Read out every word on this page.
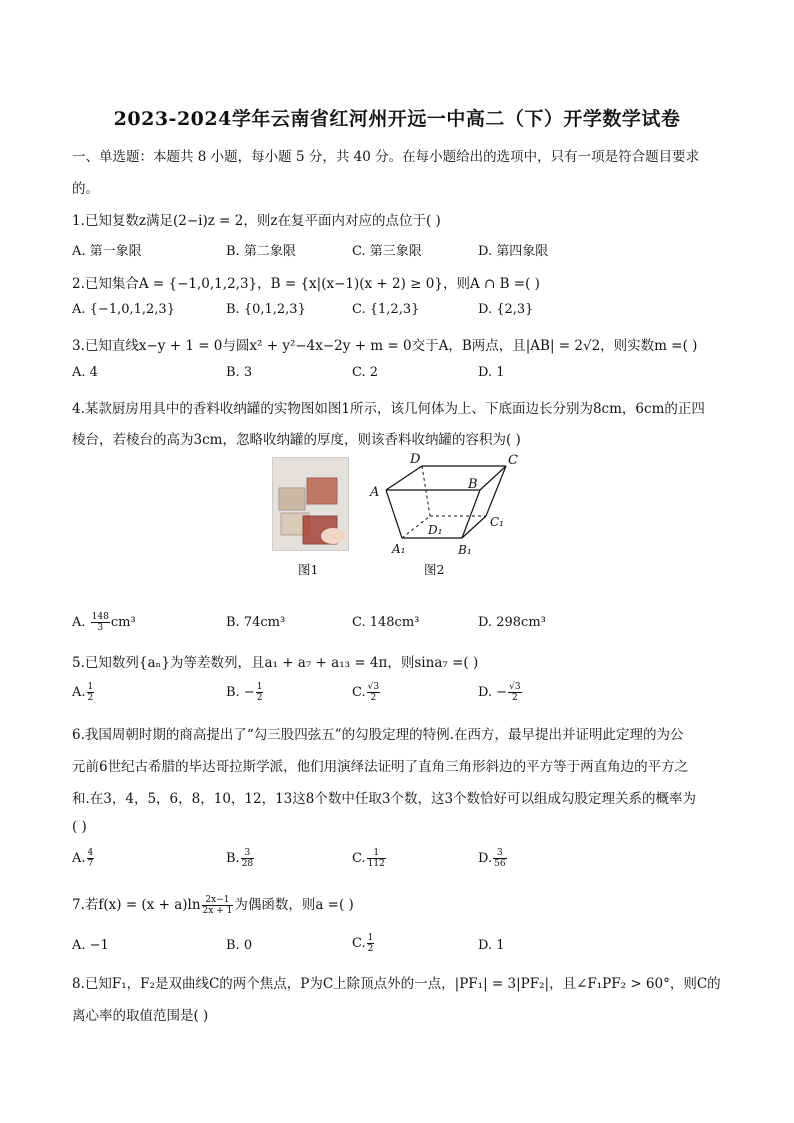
2023-2024学年云南省红河州开远一中高二（下）开学数学试卷
一、单选题：本题共 8 小题，每小题 5 分，共 40 分。在每小题给出的选项中，只有一项是符合题目要求
的。
1.已知复数z满足(2−i)z = 2，则z在复平面内对应的点位于( )
A. 第一象限	B. 第二象限	C. 第三象限	D. 第四象限
2.已知集合A = {−1,0,1,2,3}，B = {x|(x−1)(x + 2) ≥ 0}，则A ∩ B =( )
A. {−1,0,1,2,3}	B. {0,1,2,3}	C. {1,2,3}	D. {2,3}
3.已知直线x−y + 1 = 0与圆x² + y²−4x−2y + m = 0交于A，B两点，且|AB| = 2√2，则实数m =( )
A. 4	B. 3	C. 2	D. 1
4.某款厨房用具中的香料收纳罐的实物图如图1所示，该几何体为上、下底面边长分别为8cm，6cm的正四
棱台，若棱台的高为3cm，忽略收纳罐的厚度，则该香料收纳罐的容积为( )
A
D	C
B
C₁
D₁
A₁	B₁
图1	图2
A. $\frac{148}{3} cm^3$	B. 74cm³	C. 148cm³	D. 298cm³
5.已知数列{aₙ}为等差数列，且a₁ + a₇ + a₁₃ = 4π，则sina₇ =( )
A. $\frac{1}{2}$	B. − $\frac{1}{2}$	C. $\frac{√3}{2}$	D. − $\frac{√3}{2}$
6.我国周朝时期的商高提出了“勾三股四弦五”的勾股定理的特例.在西方，最早提出并证明此定理的为公
元前6世纪古希腊的毕达哥拉斯学派，他们用演绎法证明了直角三角形斜边的平方等于两直角边的平方之
和.在3，4，5，6，8，10，12，13这8个数中任取3个数，这3个数恰好可以组成勾股定理关系的概率为
( )
A. $\frac{4}{7}$	B. $\frac{3}{28}$	C. $\frac{1}{112}$	D. $\frac{3}{56}$
7.若$f(x) = (x + a)\ln \frac{2x-1}{2x + 1}$ 为偶函数，则a =( )
A. −1	B. 0	C. $\frac{1}{2}$	D. 1
8.已知F₁，F₂是双曲线C的两个焦点，P为C上除顶点外的一点，|PF₁| = 3|PF₂|，且∠F₁PF₂ > 60°，则C的
离心率的取值范围是( )
